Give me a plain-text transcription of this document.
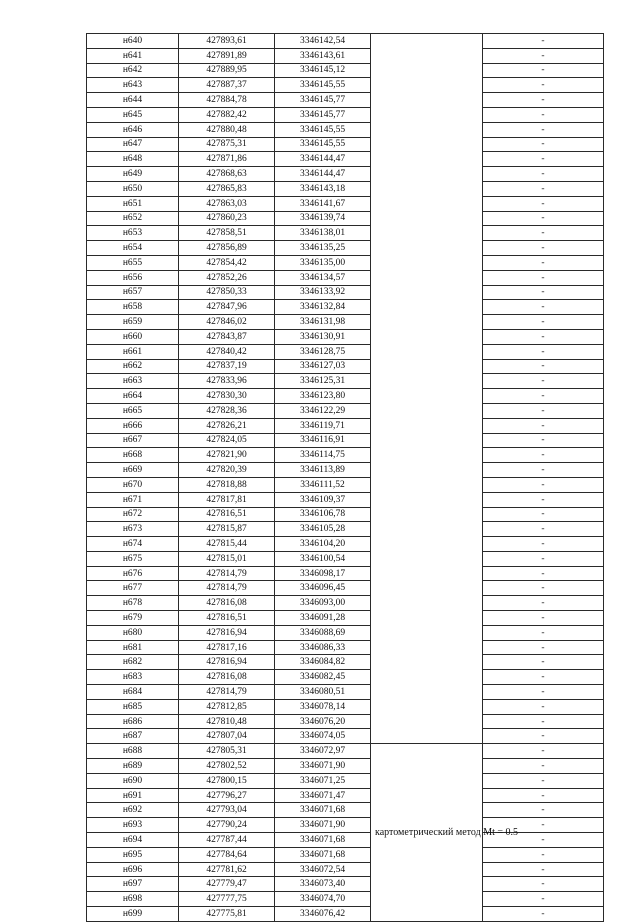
н640	427893,61	3346142,54		-
н641	427891,89	3346143,61		-
н642	427889,95	3346145,12		-
н643	427887,37	3346145,55		-
н644	427884,78	3346145,77		-
н645	427882,42	3346145,77		-
н646	427880,48	3346145,55		-
н647	427875,31	3346145,55		-
н648	427871,86	3346144,47		-
н649	427868,63	3346144,47		-
н650	427865,83	3346143,18		-
н651	427863,03	3346141,67		-
н652	427860,23	3346139,74		-
н653	427858,51	3346138,01		-
н654	427856,89	3346135,25		-
н655	427854,42	3346135,00		-
н656	427852,26	3346134,57		-
н657	427850,33	3346133,92		-
н658	427847,96	3346132,84		-
н659	427846,02	3346131,98		-
н660	427843,87	3346130,91		-
н661	427840,42	3346128,75		-
н662	427837,19	3346127,03		-
н663	427833,96	3346125,31		-
н664	427830,30	3346123,80		-
н665	427828,36	3346122,29		-
н666	427826,21	3346119,71		-
н667	427824,05	3346116,91		-
н668	427821,90	3346114,75		-
н669	427820,39	3346113,89		-
н670	427818,88	3346111,52		-
н671	427817,81	3346109,37		-
н672	427816,51	3346106,78		-
н673	427815,87	3346105,28		-
н674	427815,44	3346104,20		-
н675	427815,01	3346100,54		-
н676	427814,79	3346098,17		-
н677	427814,79	3346096,45		-
н678	427816,08	3346093,00		-
н679	427816,51	3346091,28		-
н680	427816,94	3346088,69		-
н681	427817,16	3346086,33		-
н682	427816,94	3346084,82		-
н683	427816,08	3346082,45		-
н684	427814,79	3346080,51		-
н685	427812,85	3346078,14		-
н686	427810,48	3346076,20		-
н687	427807,04	3346074,05		-
н688	427805,31	3346072,97	картометрический метод Mt = 0.5	-
н689	427802,52	3346071,90		-
н690	427800,15	3346071,25		-
н691	427796,27	3346071,47		-
н692	427793,04	3346071,68		-
н693	427790,24	3346071,90		-
н694	427787,44	3346071,68		-
н695	427784,64	3346071,68		-
н696	427781,62	3346072,54		-
н697	427779,47	3346073,40		-
н698	427777,75	3346074,70		-
н699	427775,81	3346076,42		-
